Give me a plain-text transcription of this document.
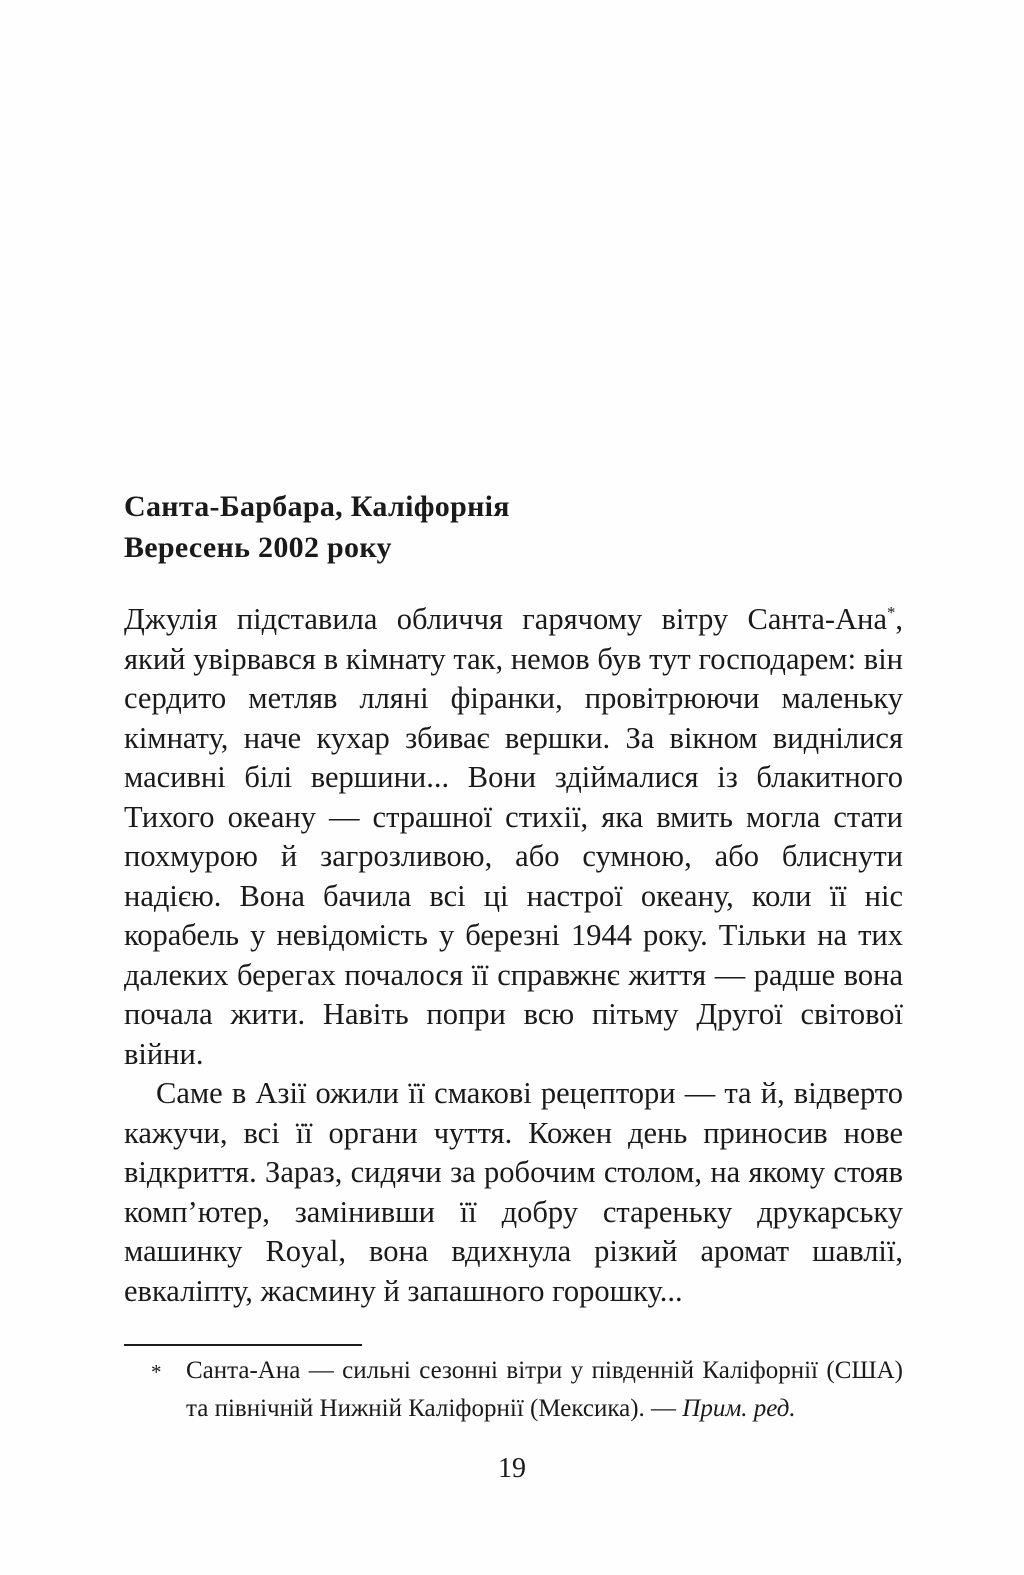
Санта-Барбара, Каліфорнія
Вересень 2002 року

Джулія підставила обличчя гарячому вітру Санта-Ана*, який увірвався в кімнату так, немов був тут господарем: він сердито метляв лляні фіранки, провітрюючи маленьку кімнату, наче кухар збиває вершки. За вікном виднілися масивні білі вершини... Вони здіймалися із блакитного Тихого океану — страшної стихії, яка вмить могла стати похмурою й загрозливою, або сумною, або блиснути надією. Вона бачила всі ці настрої океану, коли її ніс корабель у невідомість у березні 1944 року. Тільки на тих далеких берегах почалося її справжнє життя — радше вона почала жити. Навіть попри всю пітьму Другої світової війни.

Саме в Азії ожили її смакові рецептори — та й, відверто кажучи, всі її органи чуття. Кожен день приносив нове відкриття. Зараз, сидячи за робочим столом, на якому стояв комп’ютер, замінивши її добру стареньку друкарську машинку Royal, вона вдихнула різкий аромат шавлії, евкаліпту, жасмину й запашного горошку...

* Санта-Ана — сильні сезонні вітри у південній Каліфорнії (США) та північній Нижній Каліфорнії (Мексика). — Прим. ред.
19
